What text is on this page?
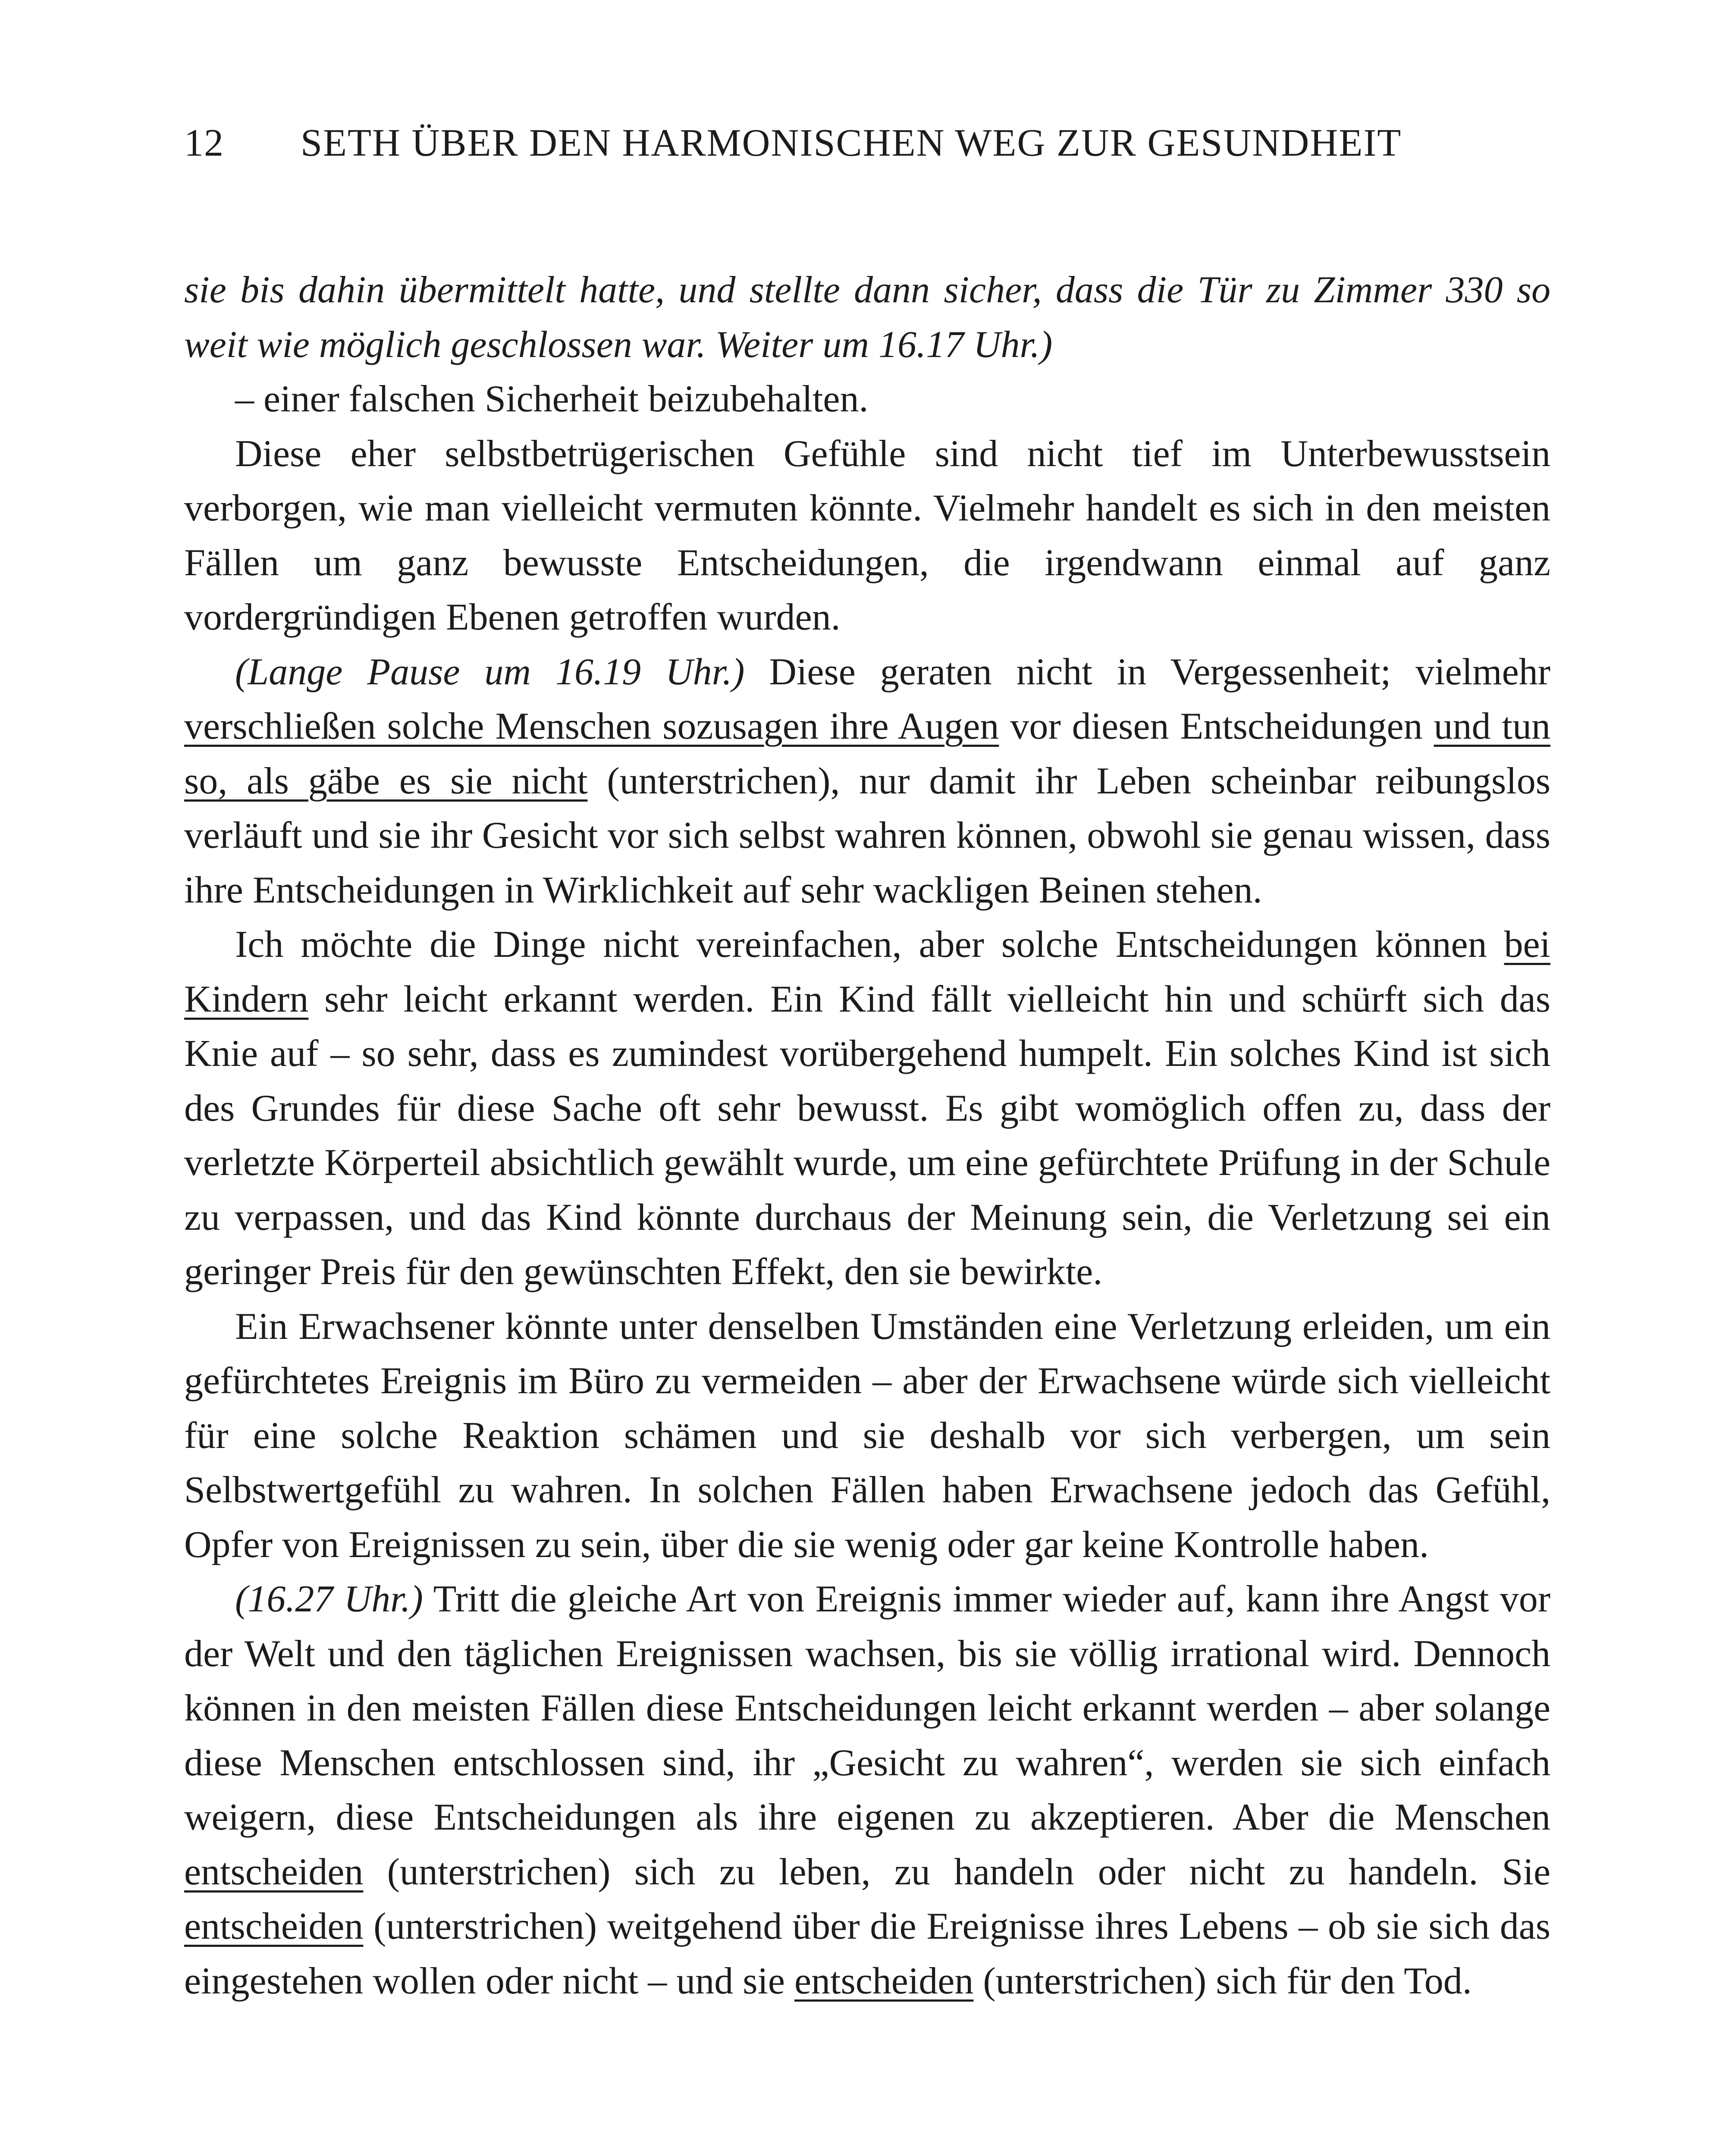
12 SETH ÜBER DEN HARMONISCHEN WEG ZUR GESUNDHEIT

sie bis dahin übermittelt hatte, und stellte dann sicher, dass die Tür zu Zimmer 330 so weit wie möglich geschlossen war. Weiter um 16.17 Uhr.)

– einer falschen Sicherheit beizubehalten.

Diese eher selbstbetrügerischen Gefühle sind nicht tief im Unterbewusstsein verborgen, wie man vielleicht vermuten könnte. Vielmehr handelt es sich in den meisten Fällen um ganz bewusste Entscheidungen, die irgendwann einmal auf ganz vordergründigen Ebenen getroffen wurden.

(Lange Pause um 16.19 Uhr.) Diese geraten nicht in Vergessenheit; vielmehr verschließen solche Menschen sozusagen ihre Augen vor diesen Entscheidungen und tun so, als gäbe es sie nicht (unterstrichen), nur damit ihr Leben scheinbar reibungslos verläuft und sie ihr Gesicht vor sich selbst wahren können, obwohl sie genau wissen, dass ihre Entscheidungen in Wirklichkeit auf sehr wackligen Beinen stehen.

Ich möchte die Dinge nicht vereinfachen, aber solche Entscheidungen können bei Kindern sehr leicht erkannt werden. Ein Kind fällt vielleicht hin und schürft sich das Knie auf – so sehr, dass es zumindest vorübergehend humpelt. Ein solches Kind ist sich des Grundes für diese Sache oft sehr bewusst. Es gibt womöglich offen zu, dass der verletzte Körperteil absichtlich gewählt wurde, um eine gefürchtete Prüfung in der Schule zu verpassen, und das Kind könnte durchaus der Meinung sein, die Verletzung sei ein geringer Preis für den gewünschten Effekt, den sie bewirkte.

Ein Erwachsener könnte unter denselben Umständen eine Verletzung erleiden, um ein gefürchtetes Ereignis im Büro zu vermeiden – aber der Erwachsene würde sich vielleicht für eine solche Reaktion schämen und sie deshalb vor sich verbergen, um sein Selbstwertgefühl zu wahren. In solchen Fällen haben Erwachsene jedoch das Gefühl, Opfer von Ereignissen zu sein, über die sie wenig oder gar keine Kontrolle haben.

(16.27 Uhr.) Tritt die gleiche Art von Ereignis immer wieder auf, kann ihre Angst vor der Welt und den täglichen Ereignissen wachsen, bis sie völlig irrational wird. Dennoch können in den meisten Fällen diese Entscheidungen leicht erkannt werden – aber solange diese Menschen entschlossen sind, ihr „Gesicht zu wahren“, werden sie sich einfach weigern, diese Entscheidungen als ihre eigenen zu akzeptieren. Aber die Menschen entscheiden (unterstrichen) sich zu leben, zu handeln oder nicht zu handeln. Sie entscheiden (unterstrichen) weitgehend über die Ereignisse ihres Lebens – ob sie sich das eingestehen wollen oder nicht – und sie entscheiden (unterstrichen) sich für den Tod.
